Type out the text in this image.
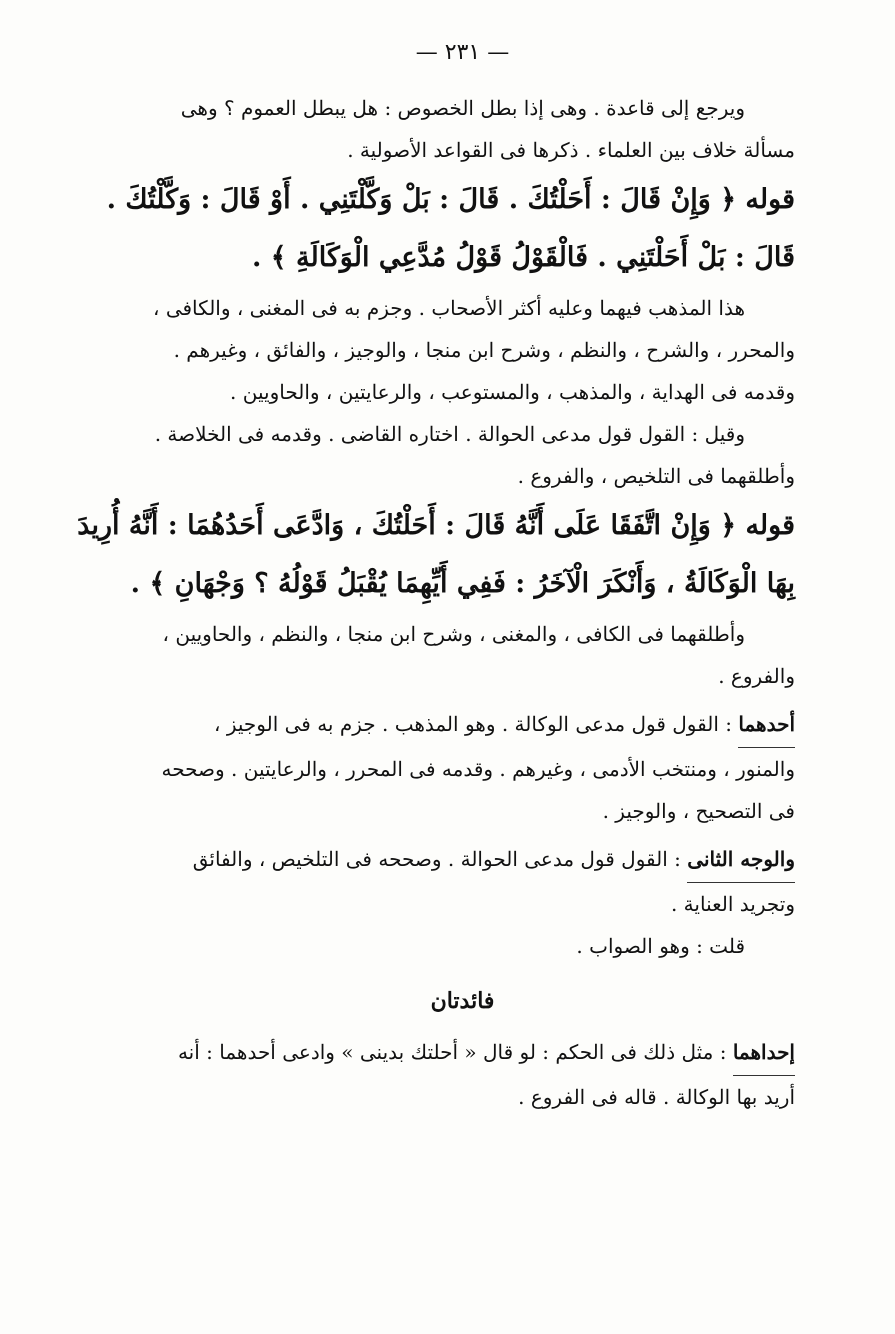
— ٢٣١ —

ويرجع إلى قاعدة . وهى إذا بطل الخصوص : هل يبطل العموم ؟ وهى

مسألة خلاف بين العلماء . ذكرها فى القواعد الأصولية .

قوله ﴿ وَإِنْ قَالَ : أَحَلْتُكَ . قَالَ : بَلْ وَكَّلْتَنِي . أَوْ قَالَ : وَكَّلْتُكَ .

قَالَ : بَلْ أَحَلْتَنِي . فَالْقَوْلُ قَوْلُ مُدَّعِي الْوَكَالَةِ ﴾ .

هذا المذهب فيهما وعليه أكثر الأصحاب . وجزم به فى المغنى ، والكافى ،

والمحرر ، والشرح ، والنظم ، وشرح ابن منجا ، والوجيز ، والفائق ، وغيرهم .

وقدمه فى الهداية ، والمذهب ، والمستوعب ، والرعايتين ، والحاويين .

وقيل : القول قول مدعى الحوالة . اختاره القاضى . وقدمه فى الخلاصة .

وأطلقهما فى التلخيص ، والفروع .

قوله ﴿ وَإِنْ اتَّفَقَا عَلَى أَنَّهُ قَالَ : أَحَلْتُكَ ، وَادَّعَى أَحَدُهُمَا : أَنَّهُ أُرِيدَ

بِهَا الْوَكَالَةُ ، وَأَنْكَرَ الْآخَرُ : فَفِي أَيِّهِمَا يُقْبَلُ قَوْلُهُ ؟ وَجْهَانِ ﴾ .

وأطلقهما فى الكافى ، والمغنى ، وشرح ابن منجا ، والنظم ، والحاويين ،

والفروع .

أحدهما : القول قول مدعى الوكالة . وهو المذهب . جزم به فى الوجيز ،

والمنور ، ومنتخب الأدمى ، وغيرهم . وقدمه فى المحرر ، والرعايتين . وصححه

فى التصحيح ، والوجيز .

والوجه الثانى : القول قول مدعى الحوالة . وصححه فى التلخيص ، والفائق

وتجريد العناية .

قلت : وهو الصواب .

فائدتان

إحداهما : مثل ذلك فى الحكم : لو قال « أحلتك بدينى » وادعى أحدهما : أنه

أريد بها الوكالة . قاله فى الفروع .
